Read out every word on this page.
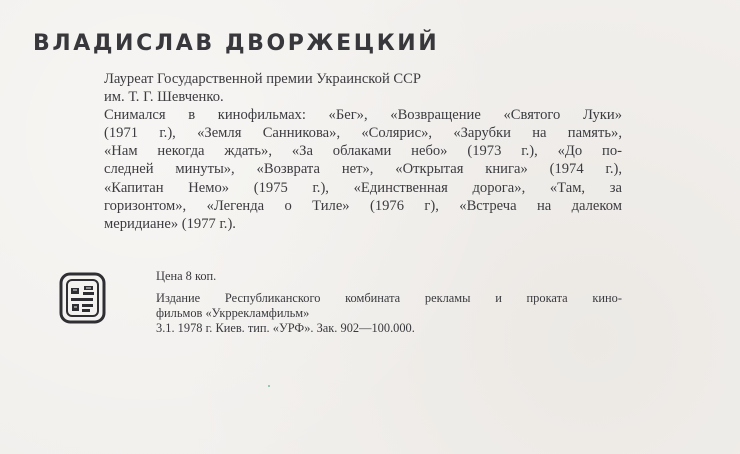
ВЛАДИСЛАВ ДВОРЖЕЦКИЙ
Лауреат Государственной премии Украинской ССР
им. Т. Г. Шевченко.
Снимался в кинофильмах: «Бег», «Возвращение «Святого Луки»
(1971 г.), «Земля Санникова», «Солярис», «Зарубки на память»,
«Нам некогда ждать», «За облаками небо» (1973 г.), «До по-
следней минуты», «Возврата нет», «Открытая книга» (1974 г.),
«Капитан Немо» (1975 г.), «Единственная дорога», «Там, за
горизонтом», «Легенда о Тиле» (1976 г), «Встреча на далеком
меридиане» (1977 г.).
Цена 8 коп.
Издание Республиканского комбината рекламы и проката кино-
фильмов «Укррекламфильм»
3.1. 1978 г. Киев. тип. «УРФ». Зак. 902—100.000.
